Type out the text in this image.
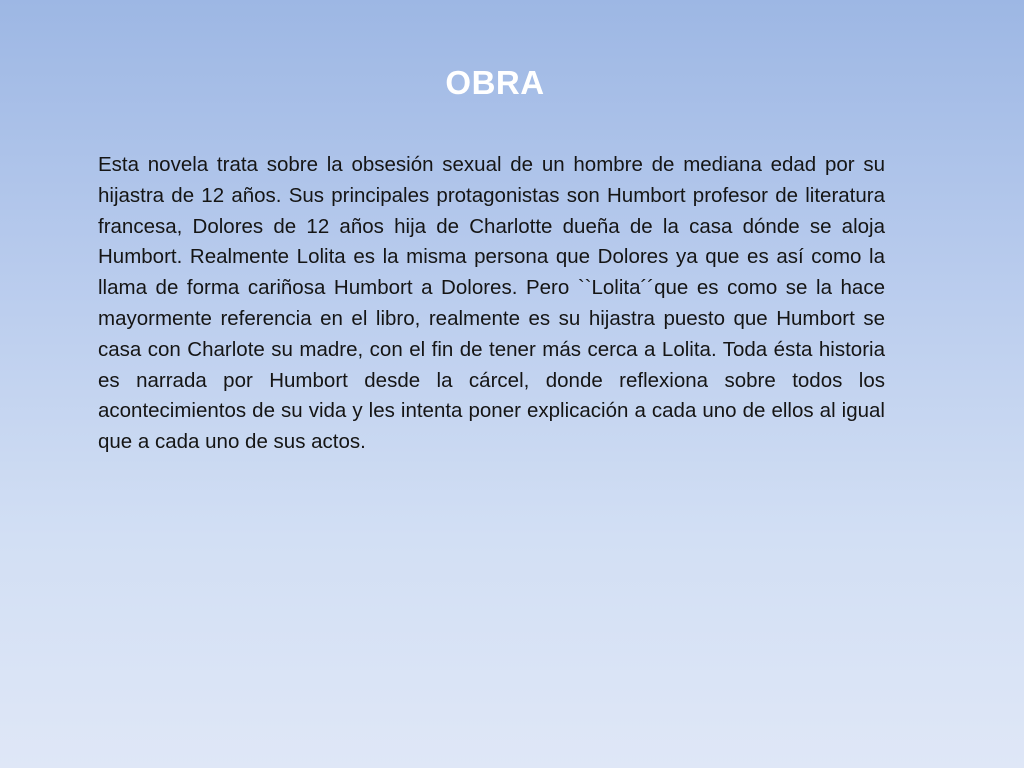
OBRA

Esta novela trata sobre la obsesión sexual de un hombre de mediana edad por su hijastra de 12 años. Sus principales protagonistas son Humbort profesor de literatura francesa, Dolores de 12 años hija de Charlotte dueña de la casa dónde se aloja Humbort. Realmente Lolita es la misma persona que Dolores ya que es así como la llama de forma cariñosa Humbort a Dolores. Pero ``Lolita´´que es como se la hace mayormente referencia en el libro, realmente es su hijastra puesto que Humbort se casa con Charlote su madre, con el fin de tener más cerca a Lolita. Toda ésta historia es narrada por Humbort desde la cárcel, donde reflexiona sobre todos los acontecimientos de su vida y les intenta poner explicación a cada uno de ellos al igual que a cada uno de sus actos.
